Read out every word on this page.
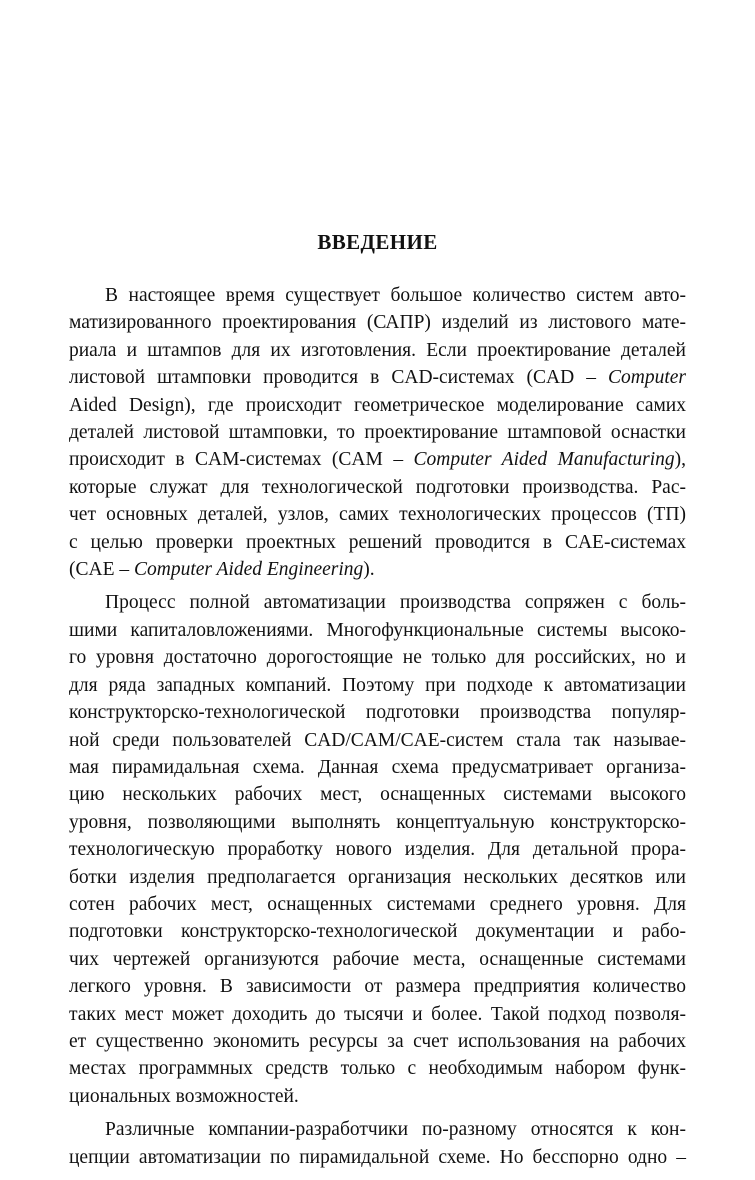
ВВЕДЕНИЕ
В настоящее время существует большое количество систем авто-
матизированного проектирования (САПР) изделий из листового мате-
риала и штампов для их изготовления. Если проектирование деталей
листовой штамповки проводится в CAD-системах (CAD – Computer
Aided Design), где происходит геометрическое моделирование самих
деталей листовой штамповки, то проектирование штамповой оснастки
происходит в CAM-системах (CAM – Computer Aided Manufacturing),
которые служат для технологической подготовки производства. Рас-
чет основных деталей, узлов, самих технологических процессов (ТП)
с целью проверки проектных решений проводится в CAE-системах
(CAE – Computer Aided Engineering).
Процесс полной автоматизации производства сопряжен с боль-
шими капиталовложениями. Многофункциональные системы высоко-
го уровня достаточно дорогостоящие не только для российских, но и
для ряда западных компаний. Поэтому при подходе к автоматизации
конструкторско-технологической подготовки производства популяр-
ной среди пользователей CAD/CAM/CAE-систем стала так называе-
мая пирамидальная схема. Данная схема предусматривает организа-
цию нескольких рабочих мест, оснащенных системами высокого
уровня, позволяющими выполнять концептуальную конструкторско-
технологическую проработку нового изделия. Для детальной прора-
ботки изделия предполагается организация нескольких десятков или
сотен рабочих мест, оснащенных системами среднего уровня. Для
подготовки конструкторско-технологической документации и рабо-
чих чертежей организуются рабочие места, оснащенные системами
легкого уровня. В зависимости от размера предприятия количество
таких мест может доходить до тысячи и более. Такой подход позволя-
ет существенно экономить ресурсы за счет использования на рабочих
местах программных средств только с необходимым набором функ-
циональных возможностей.
Различные компании-разработчики по-разному относятся к кон-
цепции автоматизации по пирамидальной схеме. Но бесспорно одно –
